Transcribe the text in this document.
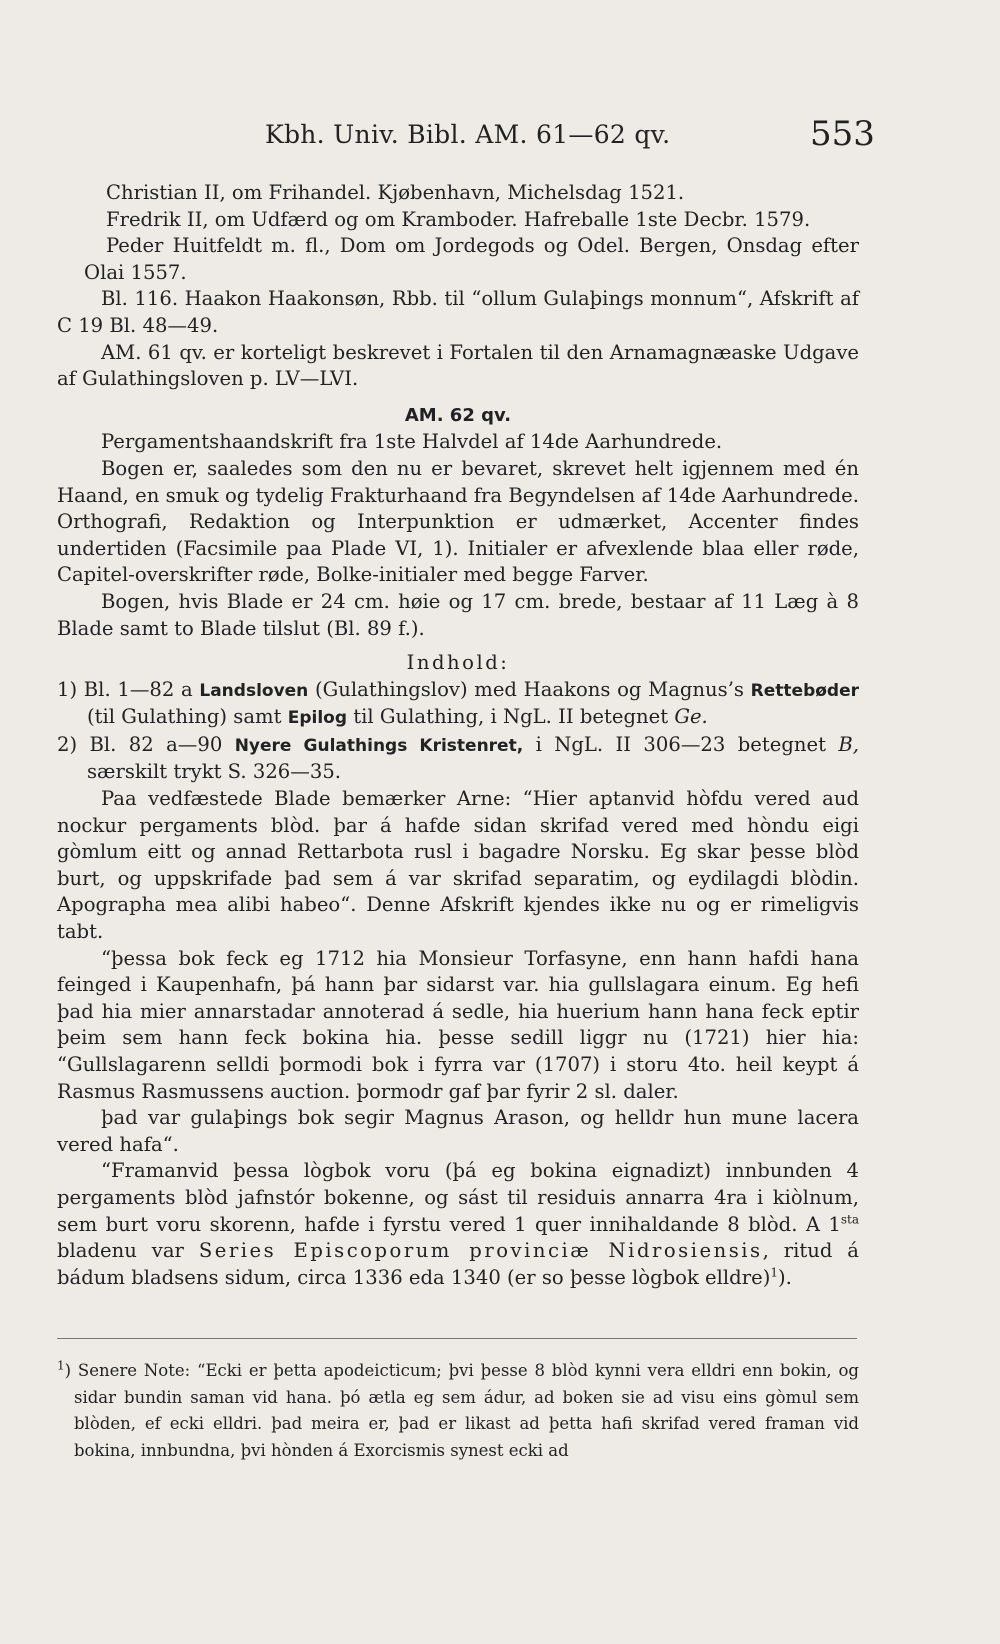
Kbh. Univ. Bibl. AM. 61—62 qv.	553

Christian II, om Frihandel. Kjøbenhavn, Michelsdag 1521.

Fredrik II, om Udfærd og om Kramboder. Hafreballe 1ste Decbr. 1579.

Peder Huitfeldt m. fl., Dom om Jordegods og Odel. Bergen, Onsdag efter Olai 1557.

Bl. 116. Haakon Haakonsøn, Rbb. til “ollum Gulaþings monnum“, Afskrift af C 19 Bl. 48—49.

AM. 61 qv. er korteligt beskrevet i Fortalen til den Arnamagnæaske Udgave af Gulathingsloven p. LV—LVI.

AM. 62 qv.

Pergamentshaandskrift fra 1ste Halvdel af 14de Aarhundrede.

Bogen er, saaledes som den nu er bevaret, skrevet helt igjennem med én Haand, en smuk og tydelig Frakturhaand fra Begyndelsen af 14de Aarhundrede. Orthografi, Redaktion og Interpunktion er udmærket, Accenter findes undertiden (Facsimile paa Plade VI, 1). Initialer er afvexlende blaa eller røde, Capitel-overskrifter røde, Bolke-initialer med begge Farver.

Bogen, hvis Blade er 24 cm. høie og 17 cm. brede, bestaar af 11 Læg à 8 Blade samt to Blade tilslut (Bl. 89 f.).

Indhold:

1) Bl. 1—82 a Landsloven (Gulathingslov) med Haakons og Magnus’s Rettebøder (til Gulathing) samt Epilog til Gulathing, i NgL. II betegnet Ge.

2) Bl. 82 a—90 Nyere Gulathings Kristenret, i NgL. II 306—23 betegnet B, særskilt trykt S. 326—35.

Paa vedfæstede Blade bemærker Arne: “Hier aptanvid hòfdu vered aud nockur pergaments blòd. þar á hafde sidan skrifad vered med hòndu eigi gòmlum eitt og annad Rettarbota rusl i bagadre Norsku. Eg skar þesse blòd burt, og uppskrifade þad sem á var skrifad separatim, og eydilagdi blòdin. Apographa mea alibi habeo“. Denne Afskrift kjendes ikke nu og er rimeligvis tabt.

“þessa bok feck eg 1712 hia Monsieur Torfasyne, enn hann hafdi hana feinged i Kaupenhafn, þá hann þar sidarst var. hia gullslagara einum. Eg hefi þad hia mier annarstadar annoterad á sedle, hia huerium hann hana feck eptir þeim sem hann feck bokina hia. þesse sedill liggr nu (1721) hier hia: “Gullslagarenn selldi þormodi bok i fyrra var (1707) i storu 4to. heil keypt á Rasmus Rasmussens auction. þormodr gaf þar fyrir 2 sl. daler.

þad var gulaþings bok segir Magnus Arason, og helldr hun mune lacera vered hafa“.

“Framanvid þessa lògbok voru (þá eg bokina eignadizt) innbunden 4 pergaments blòd jafnstór bokenne, og sást til residuis annarra 4ra i kiòlnum, sem burt voru skorenn, hafde i fyrstu vered 1 quer innihaldande 8 blòd. A $1^{sta}$ bladenu var Series Episcoporum provinciæ Nidrosiensis, ritud á bádum bladsens sidum, circa 1336 eda 1340 (er so þesse lògbok elldre)$^1$).

$^1$) Senere Note: “Ecki er þetta apodeicticum; þvi þesse 8 blòd kynni vera elldri enn bokin, og sidar bundin saman vid hana. þó ætla eg sem ádur, ad boken sie ad visu eins gòmul sem blòden, ef ecki elldri. þad meira er, þad er likast ad þetta hafi skrifad vered framan vid bokina, innbundna, þvi hònden á Exorcismis synest ecki ad
